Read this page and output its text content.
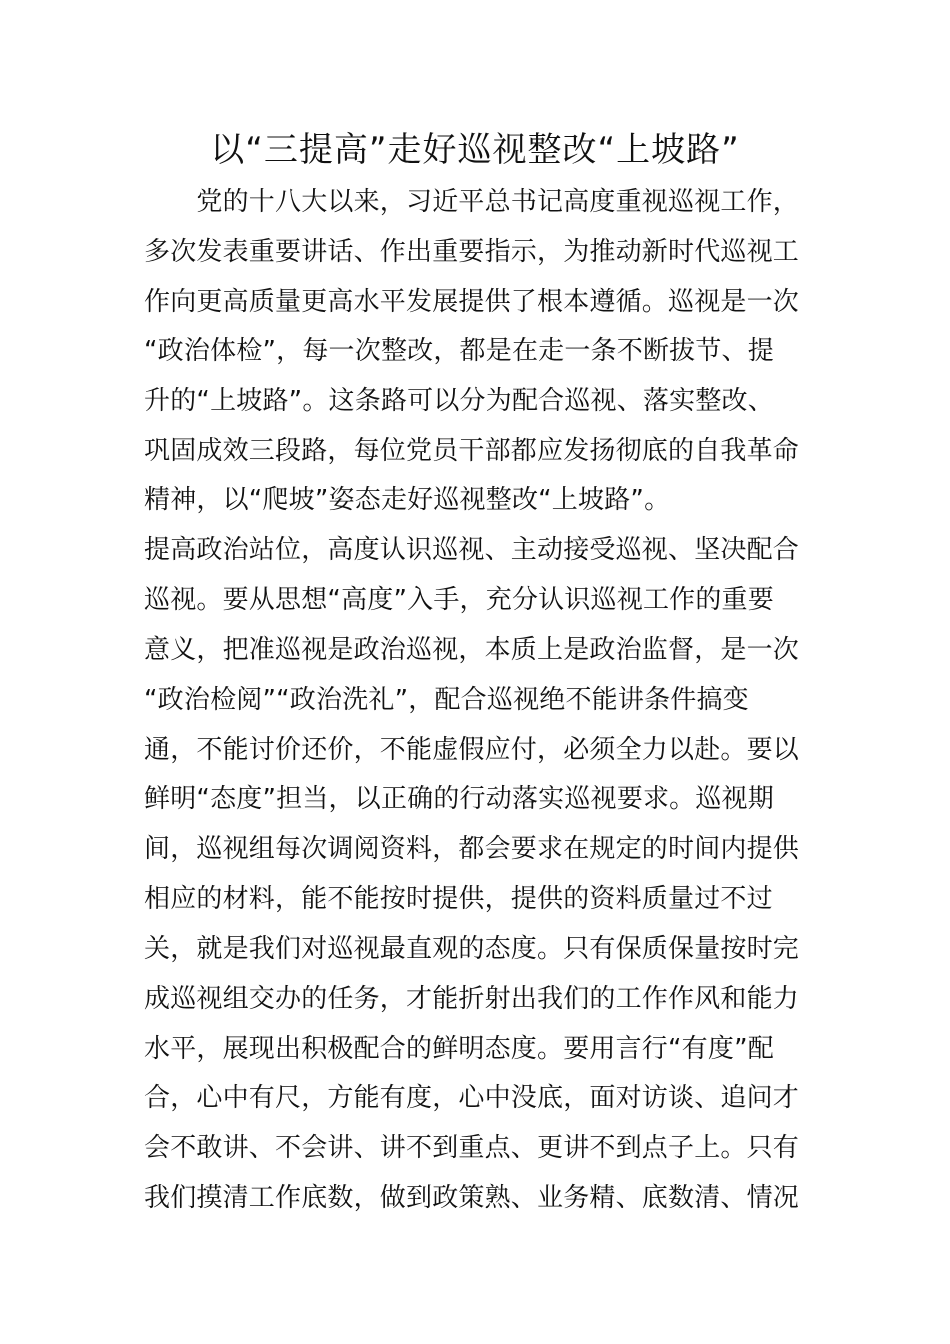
以“三提高”走好巡视整改“上坡路”

　　党的十八大以来，习近平总书记高度重视巡视工作，

多次发表重要讲话、作出重要指示，为推动新时代巡视工

作向更高质量更高水平发展提供了根本遵循。巡视是一次

“政治体检”，每一次整改，都是在走一条不断拔节、提

升的“上坡路”。这条路可以分为配合巡视、落实整改、

巩固成效三段路，每位党员干部都应发扬彻底的自我革命

精神，以“爬坡”姿态走好巡视整改“上坡路”。

提高政治站位，高度认识巡视、主动接受巡视、坚决配合

巡视。要从思想“高度”入手，充分认识巡视工作的重要

意义，把准巡视是政治巡视，本质上是政治监督，是一次

“政治检阅”“政治洗礼”，配合巡视绝不能讲条件搞变

通，不能讨价还价，不能虚假应付，必须全力以赴。要以

鲜明“态度”担当，以正确的行动落实巡视要求。巡视期

间，巡视组每次调阅资料，都会要求在规定的时间内提供

相应的材料，能不能按时提供，提供的资料质量过不过

关，就是我们对巡视最直观的态度。只有保质保量按时完

成巡视组交办的任务，才能折射出我们的工作作风和能力

水平，展现出积极配合的鲜明态度。要用言行“有度”配

合，心中有尺，方能有度，心中没底，面对访谈、追问才

会不敢讲、不会讲、讲不到重点、更讲不到点子上。只有

我们摸清工作底数，做到政策熟、业务精、底数清、情况
